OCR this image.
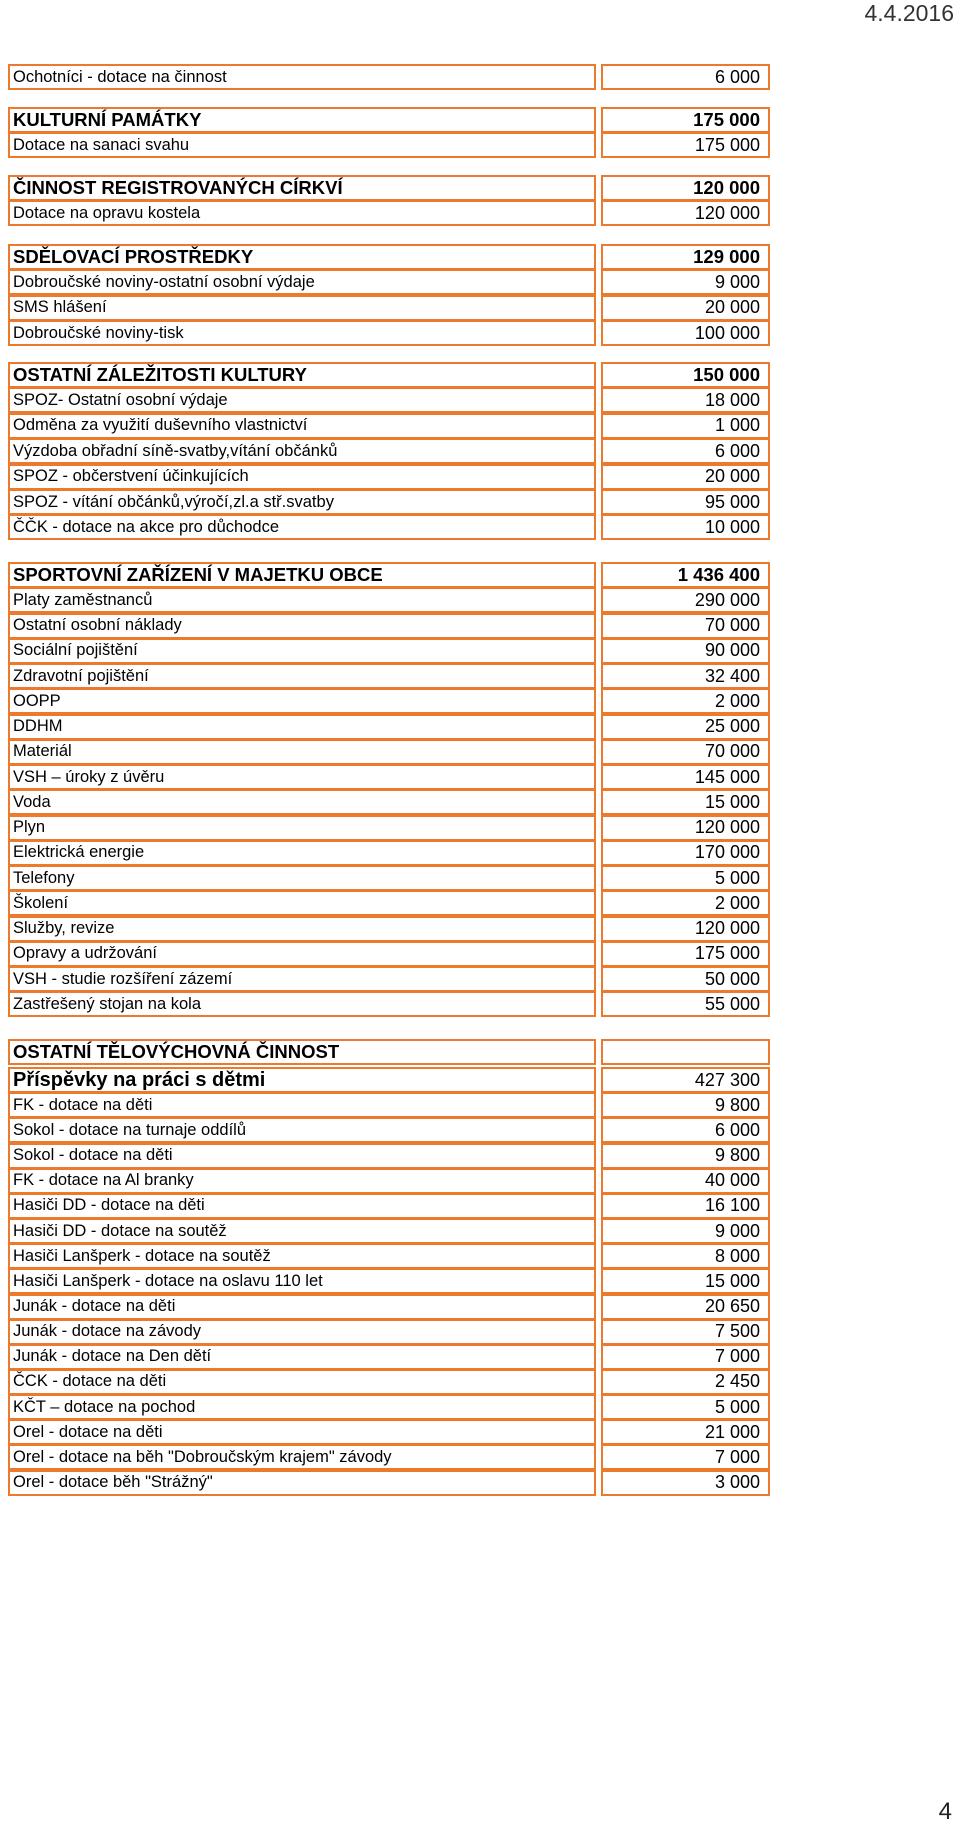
4.4.2016
Ochotníci - dotace na činnost	6 000
KULTURNÍ PAMÁTKY	175 000
Dotace na sanaci svahu	175 000
ČINNOST REGISTROVANÝCH CÍRKVÍ	120 000
Dotace na opravu kostela	120 000
SDĚLOVACÍ PROSTŘEDKY	129 000
Dobroučské noviny-ostatní osobní výdaje	9 000
SMS hlášení	20 000
Dobroučské noviny-tisk	100 000
OSTATNÍ ZÁLEŽITOSTI KULTURY	150 000
SPOZ- Ostatní osobní výdaje	18 000
Odměna za využití duševního vlastnictví	1 000
Výzdoba obřadní síně-svatby,vítání občánků	6 000
SPOZ - občerstvení účinkujících	20 000
SPOZ - vítání občánků,výročí,zl.a stř.svatby	95 000
ČČK - dotace na akce pro důchodce	10 000
SPORTOVNÍ ZAŘÍZENÍ V MAJETKU OBCE	1 436 400
Platy zaměstnanců	290 000
Ostatní osobní náklady	70 000
Sociální pojištění	90 000
Zdravotní pojištění	32 400
OOPP	2 000
DDHM	25 000
Materiál	70 000
VSH – úroky z úvěru	145 000
Voda	15 000
Plyn	120 000
Elektrická energie	170 000
Telefony	5 000
Školení	2 000
Služby, revize	120 000
Opravy a udržování	175 000
VSH - studie rozšíření zázemí	50 000
Zastřešený stojan na kola	55 000
OSTATNÍ TĚLOVÝCHOVNÁ ČINNOST
Příspěvky na práci s dětmi	427 300
FK - dotace na děti	9 800
Sokol - dotace na turnaje oddílů	6 000
Sokol - dotace na děti	9 800
FK - dotace na Al branky	40 000
Hasiči DD - dotace na děti	16 100
Hasiči DD - dotace na soutěž	9 000
Hasiči Lanšperk - dotace na soutěž	8 000
Hasiči Lanšperk - dotace na oslavu 110 let	15 000
Junák - dotace na děti	20 650
Junák - dotace na závody	7 500
Junák - dotace na Den dětí	7 000
ČCK - dotace na děti	2 450
KČT – dotace na pochod	5 000
Orel - dotace na děti	21 000
Orel - dotace na běh "Dobroučským krajem" závody	7 000
Orel - dotace běh "Strážný"	3 000
4
